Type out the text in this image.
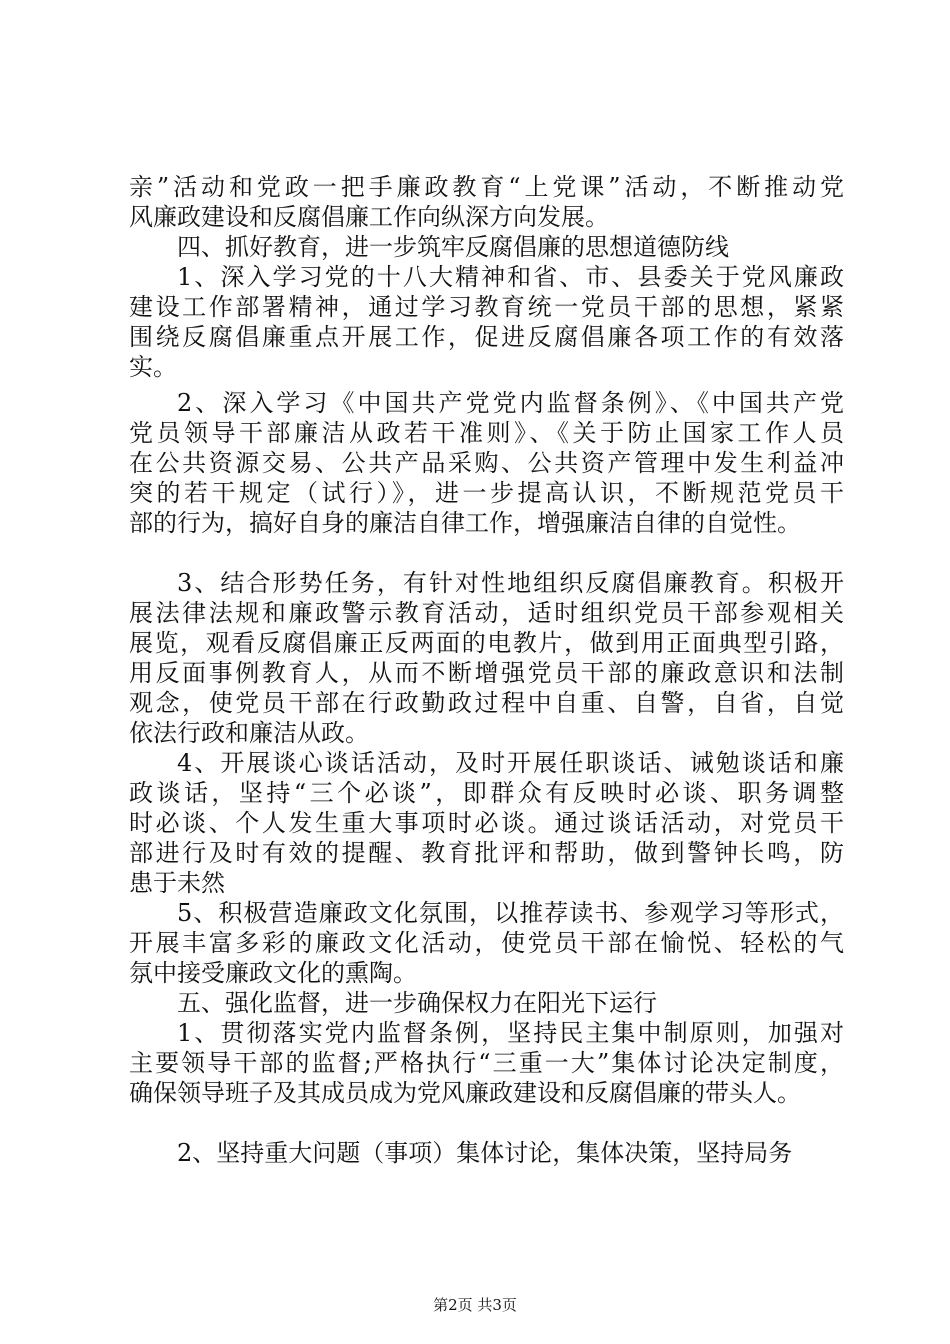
亲”活动和党政一把手廉政教育“上党课”活动，不断推动党
风廉政建设和反腐倡廉工作向纵深方向发展。
四、抓好教育，进一步筑牢反腐倡廉的思想道德防线
1、深入学习党的十八大精神和省、市、县委关于党风廉政
建设工作部署精神，通过学习教育统一党员干部的思想，紧紧
围绕反腐倡廉重点开展工作，促进反腐倡廉各项工作的有效落
实。
2、深入学习《中国共产党党内监督条例》、《中国共产党
党员领导干部廉洁从政若干准则》、《关于防止国家工作人员
在公共资源交易、公共产品采购、公共资产管理中发生利益冲
突的若干规定（试行）》，进一步提高认识，不断规范党员干
部的行为，搞好自身的廉洁自律工作，增强廉洁自律的自觉性。
3、结合形势任务，有针对性地组织反腐倡廉教育。积极开
展法律法规和廉政警示教育活动，适时组织党员干部参观相关
展览，观看反腐倡廉正反两面的电教片，做到用正面典型引路，
用反面事例教育人，从而不断增强党员干部的廉政意识和法制
观念，使党员干部在行政勤政过程中自重、自警，自省，自觉
依法行政和廉洁从政。
4、开展谈心谈话活动，及时开展任职谈话、诫勉谈话和廉
政谈话，坚持“三个必谈”，即群众有反映时必谈、职务调整
时必谈、个人发生重大事项时必谈。通过谈话活动，对党员干
部进行及时有效的提醒、教育批评和帮助，做到警钟长鸣，防
患于未然
5、积极营造廉政文化氛围，以推荐读书、参观学习等形式，
开展丰富多彩的廉政文化活动，使党员干部在愉悦、轻松的气
氛中接受廉政文化的熏陶。
五、强化监督，进一步确保权力在阳光下运行
1、贯彻落实党内监督条例，坚持民主集中制原则，加强对
主要领导干部的监督;严格执行“三重一大”集体讨论决定制度，
确保领导班子及其成员成为党风廉政建设和反腐倡廉的带头人。
2、坚持重大问题（事项）集体讨论，集体决策，坚持局务
第2页 共3页
